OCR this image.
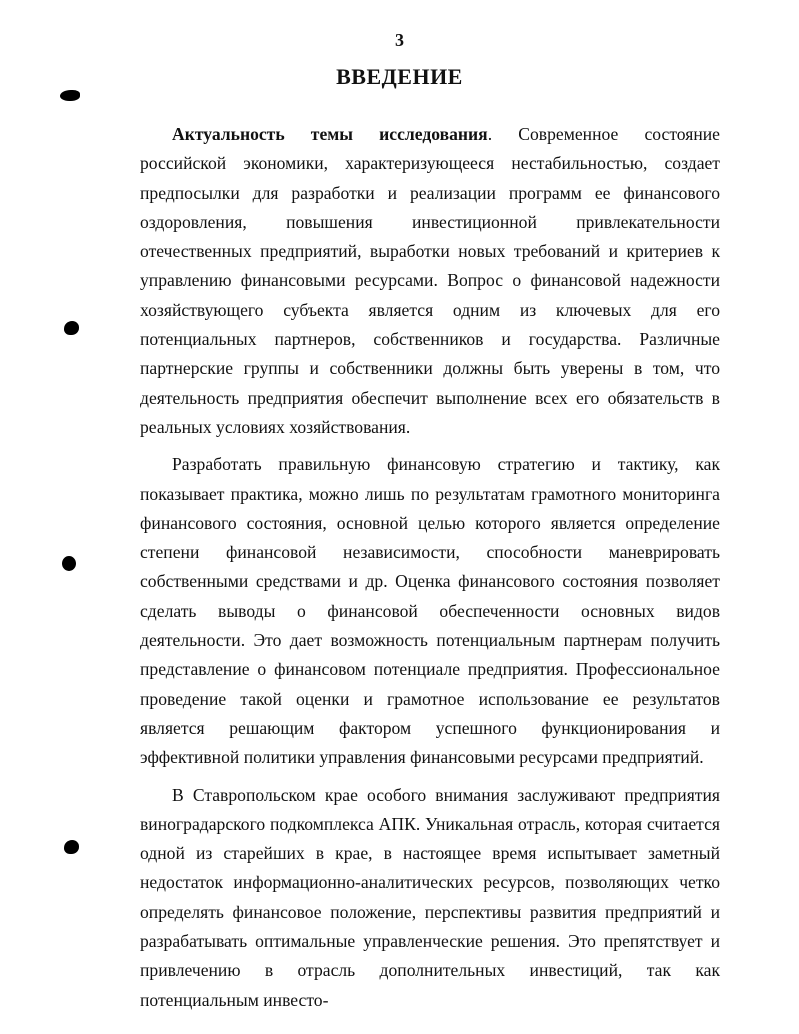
3
ВВЕДЕНИЕ

Актуальность темы исследования. Современное состояние российской экономики, характеризующееся нестабильностью, создает предпосылки для разработки и реализации программ ее финансового оздоровления, повышения инвестиционной привлекательности отечественных предприятий, выработки новых требований и критериев к управлению финансовыми ресурсами. Вопрос о финансовой надежности хозяйствующего субъекта является одним из ключевых для его потенциальных партнеров, собственников и государства. Различные партнерские группы и собственники должны быть уверены в том, что деятельность предприятия обеспечит выполнение всех его обязательств в реальных условиях хозяйствования.

Разработать правильную финансовую стратегию и тактику, как показывает практика, можно лишь по результатам грамотного мониторинга финансового состояния, основной целью которого является определение степени финансовой независимости, способности маневрировать собственными средствами и др. Оценка финансового состояния позволяет сделать выводы о финансовой обеспеченности основных видов деятельности. Это дает возможность потенциальным партнерам получить представление о финансовом потенциале предприятия. Профессиональное проведение такой оценки и грамотное использование ее результатов является решающим фактором успешного функционирования и эффективной политики управления финансовыми ресурсами предприятий.

В Ставропольском крае особого внимания заслуживают предприятия виноградарского подкомплекса АПК. Уникальная отрасль, которая считается одной из старейших в крае, в настоящее время испытывает заметный недостаток информационно-аналитических ресурсов, позволяющих четко определять финансовое положение, перспективы развития предприятий и разрабатывать оптимальные управленческие решения. Это препятствует и привлечению в отрасль дополнительных инвестиций, так как потенциальным инвесто-
